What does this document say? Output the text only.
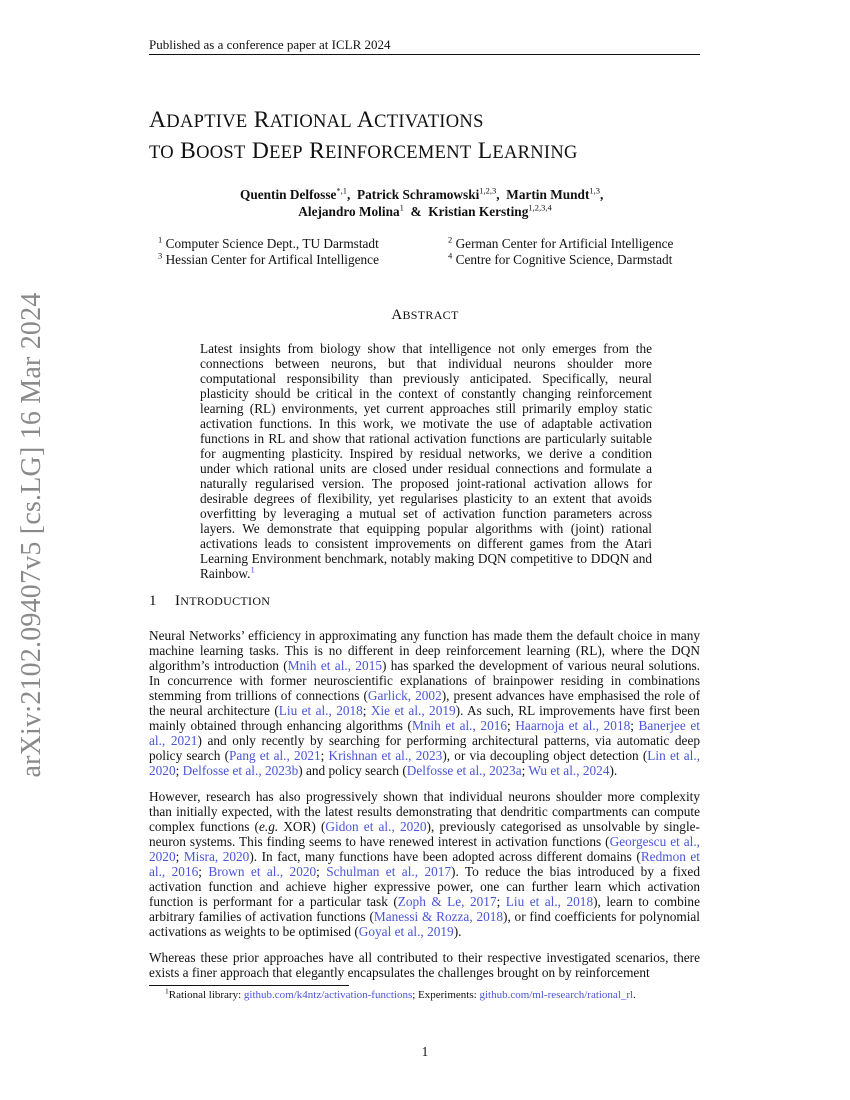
Published as a conference paper at ICLR 2024
arXiv:2102.09407v5 [cs.LG] 16 Mar 2024
ADAPTIVE RATIONAL ACTIVATIONS
TO BOOST DEEP REINFORCEMENT LEARNING
Quentin Delfosse$^{*,1}$,  Patrick Schramowski$^{1,2,3}$,  Martin Mundt$^{1,3}$,
Alejandro Molina$^1$  &  Kristian Kersting$^{1,2,3,4}$
$^1$ Computer Science Dept., TU Darmstadt	$^2$ German Center for Artificial Intelligence
$^3$ Hessian Center for Artifical Intelligence	$^4$ Centre for Cognitive Science, Darmstadt
ABSTRACT
Latest insights from biology show that intelligence not only emerges from the connections between neurons, but that individual neurons shoulder more computational responsibility than previously anticipated. Specifically, neural plasticity should be critical in the context of constantly changing reinforcement learning (RL) environments, yet current approaches still primarily employ static activation functions. In this work, we motivate the use of adaptable activation functions in RL and show that rational activation functions are particularly suitable for augmenting plasticity. Inspired by residual networks, we derive a condition under which rational units are closed under residual connections and formulate a naturally regularised version. The proposed joint-rational activation allows for desirable degrees of flexibility, yet regularises plasticity to an extent that avoids overfitting by leveraging a mutual set of activation function parameters across layers. We demonstrate that equipping popular algorithms with (joint) rational activations leads to consistent improvements on different games from the Atari Learning Environment benchmark, notably making DQN competitive to DDQN and Rainbow.$^1$
1 INTRODUCTION
Neural Networks’ efficiency in approximating any function has made them the default choice in many machine learning tasks. This is no different in deep reinforcement learning (RL), where the DQN algorithm’s introduction (Mnih et al., 2015) has sparked the development of various neural solutions. In concurrence with former neuroscientific explanations of brainpower residing in combinations stemming from trillions of connections (Garlick, 2002), present advances have emphasised the role of the neural architecture (Liu et al., 2018; Xie et al., 2019). As such, RL improvements have first been mainly obtained through enhancing algorithms (Mnih et al., 2016; Haarnoja et al., 2018; Banerjee et al., 2021) and only recently by searching for performing architectural patterns, via automatic deep policy search (Pang et al., 2021; Krishnan et al., 2023), or via decoupling object detection (Lin et al., 2020; Delfosse et al., 2023b) and policy search (Delfosse et al., 2023a; Wu et al., 2024).
However, research has also progressively shown that individual neurons shoulder more complexity than initially expected, with the latest results demonstrating that dendritic compartments can compute complex functions (e.g. XOR) (Gidon et al., 2020), previously categorised as unsolvable by single-neuron systems. This finding seems to have renewed interest in activation functions (Georgescu et al., 2020; Misra, 2020). In fact, many functions have been adopted across different domains (Redmon et al., 2016; Brown et al., 2020; Schulman et al., 2017). To reduce the bias introduced by a fixed activation function and achieve higher expressive power, one can further learn which activation function is performant for a particular task (Zoph & Le, 2017; Liu et al., 2018), learn to combine arbitrary families of activation functions (Manessi & Rozza, 2018), or find coefficients for polynomial activations as weights to be optimised (Goyal et al., 2019).
Whereas these prior approaches have all contributed to their respective investigated scenarios, there exists a finer approach that elegantly encapsulates the challenges brought on by reinforcement
$^1$Rational library: github.com/k4ntz/activation-functions; Experiments: github.com/ml-research/rational_rl.
1
